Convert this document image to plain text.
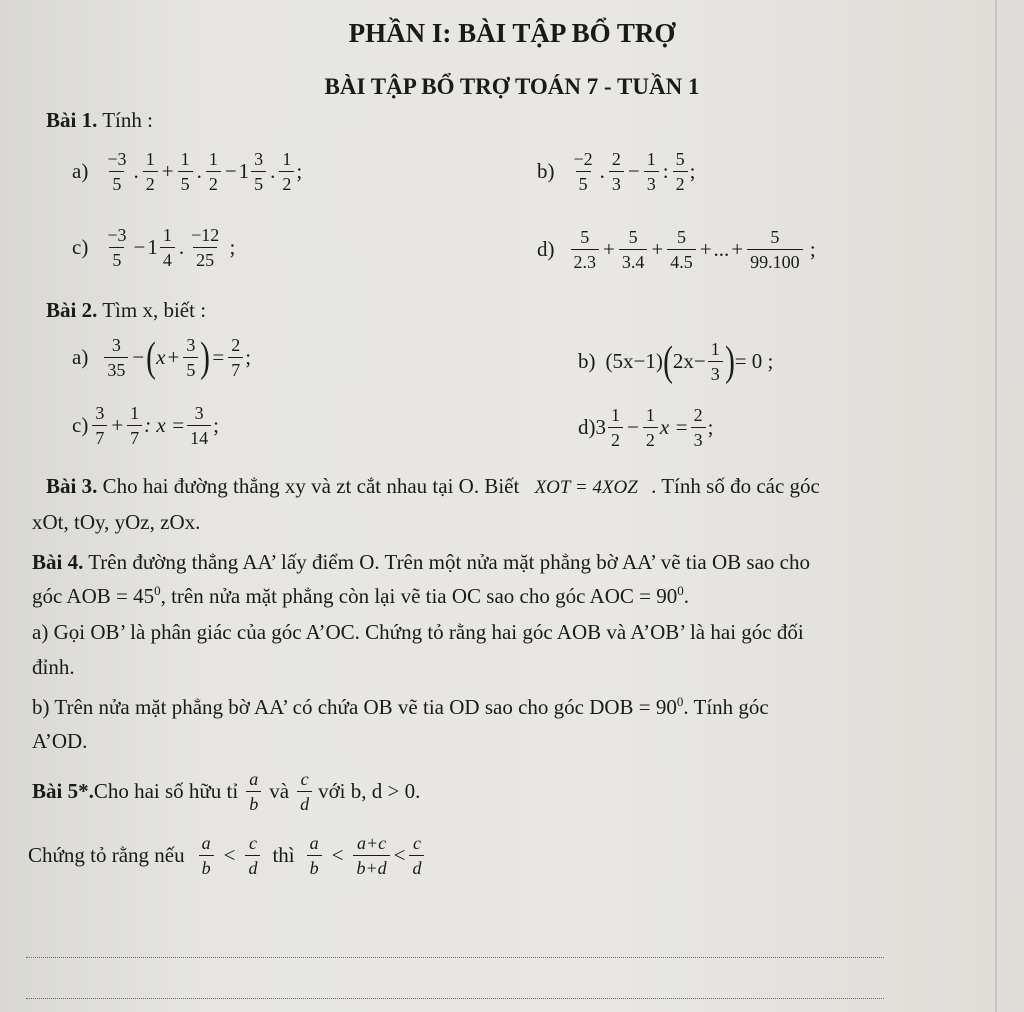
PHẦN I: BÀI TẬP BỔ TRỢ
BÀI TẬP BỔ TRỢ TOÁN 7 - TUẦN 1
Bài 1. Tính :
$a) \frac{-3}{5}$ . $\frac{1}{2} + \frac{1}{5}$ . $\frac{1}{2} - 1 \frac{3}{5}$ . $\frac{1}{2}$ ;	$b) \frac{-2}{5}$ . $\frac{2}{3} - \frac{1}{3}$ : $\frac{5}{2}$ ;
$c) \frac{-3}{5} - 1 \frac{1}{4}$ . $\frac{-12}{25}$ ;	$d) \frac{5}{2.3} + \frac{5}{3.4} + \frac{5}{4.5}$ + ... + $\frac{5}{99.100}$ ;
Bài 2. Tìm x, biết :
$a) \frac{3}{35}$ − ( $x + \frac{3}{5}$ ) = $\frac{2}{7}$ ;	b) (5x−1) ( $2x- \frac{1}{3}$ ) = 0 ;
$c) \frac{3}{7} + \frac{1}{7}$ : $x = \frac{3}{14}$ ;	d) $3 \frac{1}{2} - \frac{1}{2}$ $x = \frac{2}{3}$ ;
Bài 3. Cho hai đường thẳng xy và zt cắt nhau tại O. Biết XOT = 4XOZ . Tính số đo các góc
xOt, tOy, yOz, zOx.
Bài 4. Trên đường thẳng AA’ lấy điểm O. Trên một nửa mặt phẳng bờ AA’ vẽ tia OB sao cho
góc AOB = $45^0$, trên nửa mặt phẳng còn lại vẽ tia OC sao cho góc AOC = $90^0$.
a) Gọi OB’ là phân giác của góc A’OC. Chứng tỏ rằng hai góc AOB và A’OB’ là hai góc đối
đỉnh.
b) Trên nửa mặt phẳng bờ AA’ có chứa OB vẽ tia OD sao cho góc DOB = $90^0$. Tính góc
A’OD.
Bài 5*. Cho hai số hữu tỉ $\frac{a}{b}$ và $\frac{c}{d}$ với b, d > 0.
Chứng tỏ rằng nếu $\frac{a}{b} < \frac{c}{d}$ thì $\frac{a}{b} < \frac{a+c}{b+d} < \frac{c}{d}$
